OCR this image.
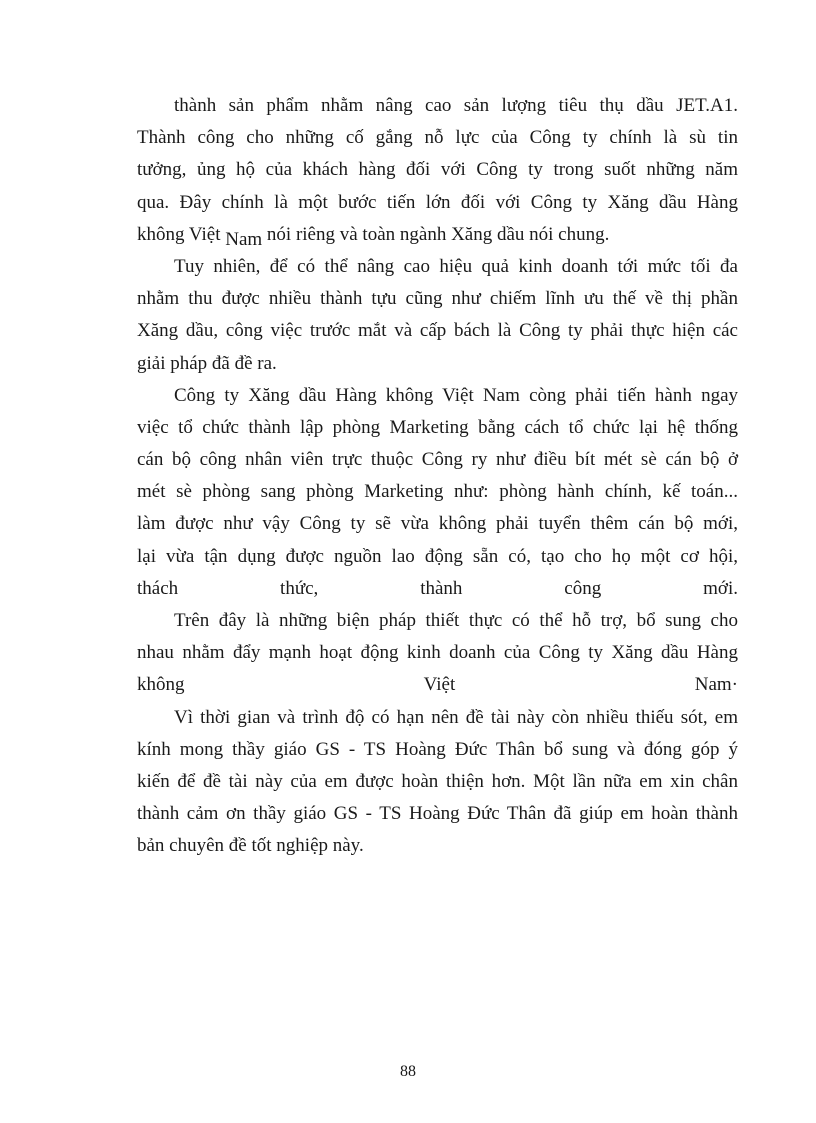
thành sản phẩm nhằm nâng cao sản lượng tiêu thụ dầu JET.A1.

Thành công cho những cố gắng nỗ lực của Công ty chính là sù tin

tưởng, ủng hộ của khách hàng đối với Công ty trong suốt những năm

qua. Đây chính là một bước tiến lớn đối với Công ty Xăng dầu Hàng

không Việt Nam nói riêng và toàn ngành Xăng dầu nói chung.

Tuy nhiên, để có thể nâng cao hiệu quả kinh doanh tới mức tối đa

nhằm thu được nhiều thành tựu cũng như chiếm lĩnh ưu thế về thị phần

Xăng dầu, công việc trước mắt và cấp bách là Công ty phải thực hiện các

giải pháp đã đề ra.

Công ty Xăng dầu Hàng không Việt Nam còng phải tiến hành ngay

việc tổ chức thành lập phòng Marketing bằng cách tổ chức lại hệ thống

cán bộ công nhân viên trực thuộc Công ry như điều bít mét sè cán bộ ở

mét sè phòng sang phòng Marketing như: phòng hành chính, kế toán...

làm được như vậy Công ty sẽ vừa không phải tuyển thêm cán bộ mới,

lại vừa tận dụng được nguồn lao động sẵn có, tạo cho họ một cơ hội,

thách thức, thành công mới.

Trên đây là những biện pháp thiết thực có thể hỗ trợ, bổ sung cho

nhau nhằm đẩy mạnh hoạt động kinh doanh của Công ty Xăng dầu Hàng

không Việt Nam·

Vì thời gian và trình độ có hạn nên đề tài này còn nhiều thiếu sót, em

kính mong thầy giáo GS - TS Hoàng Đức Thân bổ sung và đóng góp ý

kiến để đề tài này của em được hoàn thiện hơn. Một lần nữa em xin chân

thành cảm ơn thầy giáo GS - TS Hoàng Đức Thân đã giúp em hoàn thành

bản chuyên đề tốt nghiệp này.

88
